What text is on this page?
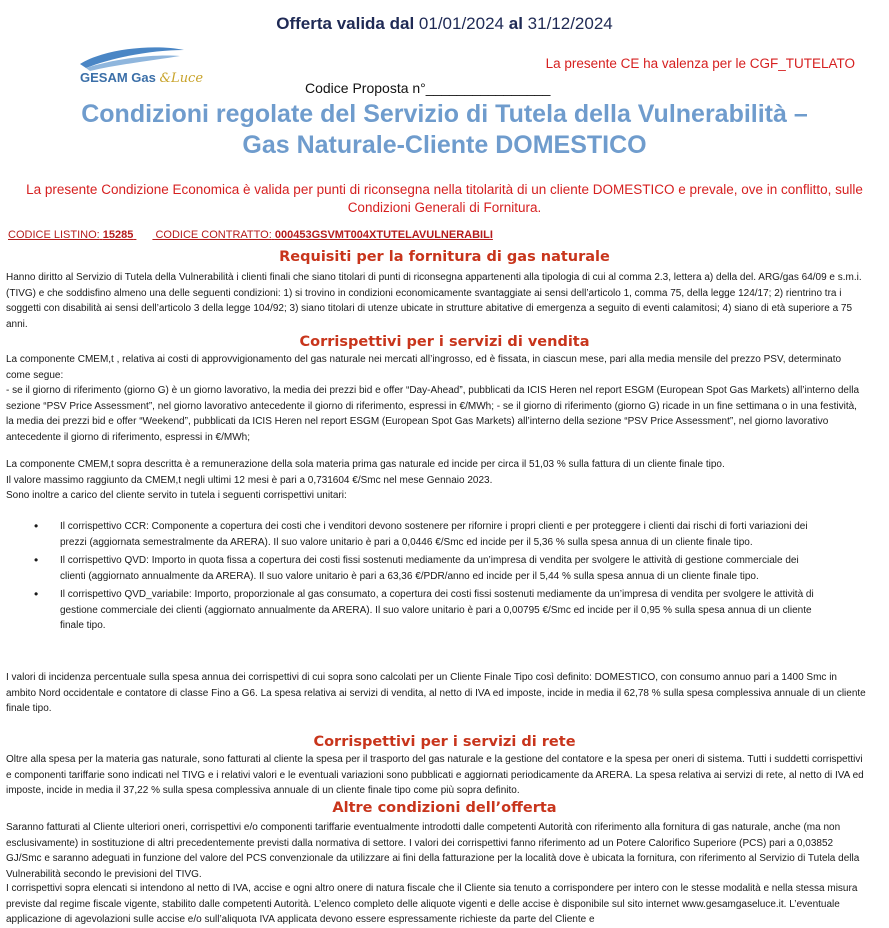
Offerta valida dal 01/01/2024 al 31/12/2024
GESAM Gas &Luce
La presente CE ha valenza per le CGF_TUTELATO
Codice Proposta n°________________
Condizioni regolate del Servizio di Tutela della Vulnerabilità –
Gas Naturale-Cliente DOMESTICO
La presente Condizione Economica è valida per punti di riconsegna nella titolarità di un cliente DOMESTICO e prevale, ove in conflitto, sulle Condizioni Generali di Fornitura.
CODICE LISTINO: 15285 CODICE CONTRATTO: 000453GSVMT004XTUTELAVULNERABILI
Requisiti per la fornitura di gas naturale
Hanno diritto al Servizio di Tutela della Vulnerabilità i clienti finali che siano titolari di punti di riconsegna appartenenti alla tipologia di cui al comma 2.3, lettera a) della del. ARG/gas 64/09 e s.m.i. (TIVG) e che soddisfino almeno una delle seguenti condizioni: 1) si trovino in condizioni economicamente svantaggiate ai sensi dell’articolo 1, comma 75, della legge 124/17; 2) rientrino tra i soggetti con disabilità ai sensi dell’articolo 3 della legge 104/92; 3) siano titolari di utenze ubicate in strutture abitative di emergenza a seguito di eventi calamitosi; 4) siano di età superiore a 75 anni.
Corrispettivi per i servizi di vendita
La componente CMEM,t , relativa ai costi di approvvigionamento del gas naturale nei mercati all’ingrosso, ed è fissata, in ciascun mese, pari alla media mensile del prezzo PSV, determinato come segue:
- se il giorno di riferimento (giorno G) è un giorno lavorativo, la media dei prezzi bid e offer “Day-Ahead”, pubblicati da ICIS Heren nel report ESGM (European Spot Gas Markets) all’interno della sezione “PSV Price Assessment”, nel giorno lavorativo antecedente il giorno di riferimento, espressi in €/MWh; - se il giorno di riferimento (giorno G) ricade in un fine settimana o in una festività, la media dei prezzi bid e offer “Weekend”, pubblicati da ICIS Heren nel report ESGM (European Spot Gas Markets) all’interno della sezione “PSV Price Assessment”, nel giorno lavorativo antecedente il giorno di riferimento, espressi in €/MWh;
La componente CMEM,t sopra descritta è a remunerazione della sola materia prima gas naturale ed incide per circa il 51,03 % sulla fattura di un cliente finale tipo.
Il valore massimo raggiunto da CMEM,t negli ultimi 12 mesi è pari a 0,731604 €/Smc nel mese Gennaio 2023.
Sono inoltre a carico del cliente servito in tutela i seguenti corrispettivi unitari:
• Il corrispettivo CCR: Componente a copertura dei costi che i venditori devono sostenere per rifornire i propri clienti e per proteggere i clienti dai rischi di forti variazioni dei prezzi (aggiornata semestralmente da ARERA). Il suo valore unitario è pari a 0,0446 €/Smc ed incide per il 5,36 % sulla spesa annua di un cliente finale tipo.
• Il corrispettivo QVD: Importo in quota fissa a copertura dei costi fissi sostenuti mediamente da un’impresa di vendita per svolgere le attività di gestione commerciale dei clienti (aggiornato annualmente da ARERA). Il suo valore unitario è pari a 63,36 €/PDR/anno ed incide per il 5,44 % sulla spesa annua di un cliente finale tipo.
• Il corrispettivo QVD_variabile: Importo, proporzionale al gas consumato, a copertura dei costi fissi sostenuti mediamente da un’impresa di vendita per svolgere le attività di gestione commerciale dei clienti (aggiornato annualmente da ARERA). Il suo valore unitario è pari a 0,00795 €/Smc ed incide per il 0,95 % sulla spesa annua di un cliente finale tipo.
I valori di incidenza percentuale sulla spesa annua dei corrispettivi di cui sopra sono calcolati per un Cliente Finale Tipo così definito: DOMESTICO, con consumo annuo pari a 1400 Smc in ambito Nord occidentale e contatore di classe Fino a G6. La spesa relativa ai servizi di vendita, al netto di IVA ed imposte, incide in media il 62,78 % sulla spesa complessiva annuale di un cliente finale tipo.
Corrispettivi per i servizi di rete
Oltre alla spesa per la materia gas naturale, sono fatturati al cliente la spesa per il trasporto del gas naturale e la gestione del contatore e la spesa per oneri di sistema. Tutti i suddetti corrispettivi e componenti tariffarie sono indicati nel TIVG e i relativi valori e le eventuali variazioni sono pubblicati e aggiornati periodicamente da ARERA. La spesa relativa ai servizi di rete, al netto di IVA ed imposte, incide in media il 37,22 % sulla spesa complessiva annuale di un cliente finale tipo come più sopra definito.
Altre condizioni dell’offerta
Saranno fatturati al Cliente ulteriori oneri, corrispettivi e/o componenti tariffarie eventualmente introdotti dalle competenti Autorità con riferimento alla fornitura di gas naturale, anche (ma non esclusivamente) in sostituzione di altri precedentemente previsti dalla normativa di settore. I valori dei corrispettivi fanno riferimento ad un Potere Calorifico Superiore (PCS) pari a 0,03852 GJ/Smc e saranno adeguati in funzione del valore del PCS convenzionale da utilizzare ai fini della fatturazione per la località dove è ubicata la fornitura, con riferimento al Servizio di Tutela della Vulnerabilità secondo le previsioni del TIVG.
I corrispettivi sopra elencati si intendono al netto di IVA, accise e ogni altro onere di natura fiscale che il Cliente sia tenuto a corrispondere per intero con le stesse modalità e nella stessa misura previste dal regime fiscale vigente, stabilito dalle competenti Autorità. L’elenco completo delle aliquote vigenti e delle accise è disponibile sul sito internet www.gesamgaseluce.it. L’eventuale applicazione di agevolazioni sulle accise e/o sull’aliquota IVA applicata devono essere espressamente richieste da parte del Cliente e
